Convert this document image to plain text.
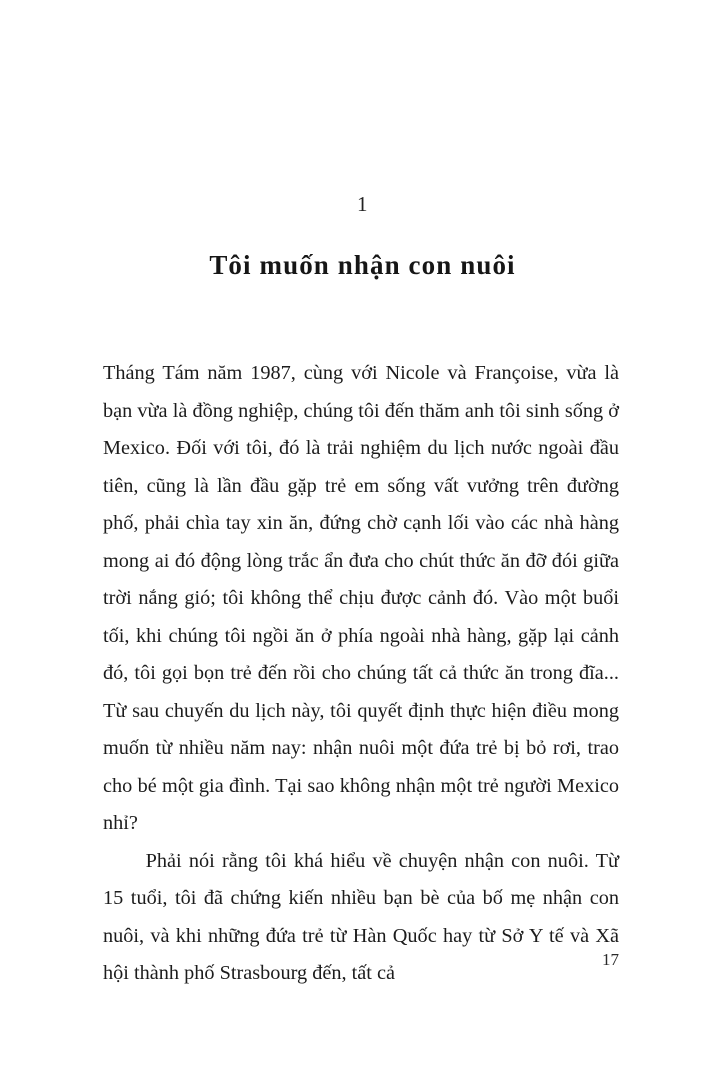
1
Tôi muốn nhận con nuôi

Tháng Tám năm 1987, cùng với Nicole và Françoise, vừa là bạn vừa là đồng nghiệp, chúng tôi đến thăm anh tôi sinh sống ở Mexico. Đối với tôi, đó là trải nghiệm du lịch nước ngoài đầu tiên, cũng là lần đầu gặp trẻ em sống vất vưởng trên đường phố, phải chìa tay xin ăn, đứng chờ cạnh lối vào các nhà hàng mong ai đó động lòng trắc ẩn đưa cho chút thức ăn đỡ đói giữa trời nắng gió; tôi không thể chịu được cảnh đó. Vào một buổi tối, khi chúng tôi ngồi ăn ở phía ngoài nhà hàng, gặp lại cảnh đó, tôi gọi bọn trẻ đến rồi cho chúng tất cả thức ăn trong đĩa... Từ sau chuyến du lịch này, tôi quyết định thực hiện điều mong muốn từ nhiều năm nay: nhận nuôi một đứa trẻ bị bỏ rơi, trao cho bé một gia đình. Tại sao không nhận một trẻ người Mexico nhỉ?

Phải nói rằng tôi khá hiểu về chuyện nhận con nuôi. Từ 15 tuổi, tôi đã chứng kiến nhiều bạn bè của bố mẹ nhận con nuôi, và khi những đứa trẻ từ Hàn Quốc hay từ Sở Y tế và Xã hội thành phố Strasbourg đến, tất cả

17
